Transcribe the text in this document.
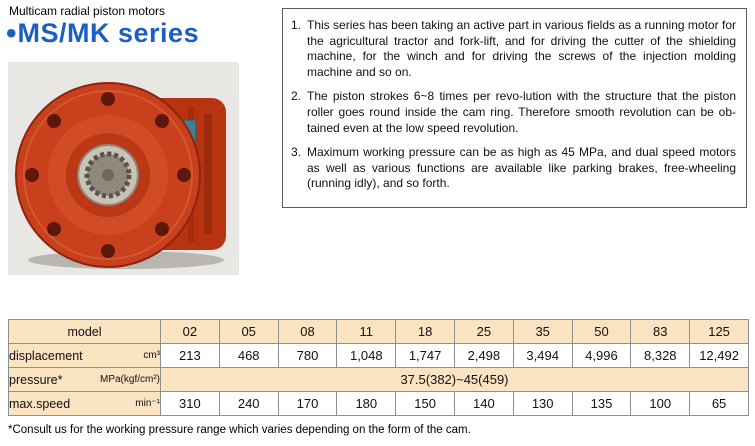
Multicam radial piston motors
• MS/MK series	1. This series has been taking an active part in various fields as a running motor for the agricultural tractor and fork-lift, and for driving the cutter of the shielding machine, for the winch and for driving the screws of the injection molding machine and so on.
2. The piston strokes 6~8 times per revo-lution with the structure that the piston roller goes round inside the cam ring. Therefore smooth revolution can be ob-tained even at the low speed revolution.
3. Maximum working pressure can be as high as 45 MPa, and dual speed motors as well as various functions are available like parking brakes, free-wheeling (running idly), and so forth.
model	02	05	08	11	18	25	35	50	83	125

displacement cm³	213	468	780	1,048	1,747	2,498	3,494	4,996	8,328	12,492

pressure* MPa(kgf/cm²)	37.5(382)~45(459)									

max.speed min⁻¹	310	240	170	180	150	140	130	135	100	65
*Consult us for the working pressure range which varies depending on the form of the cam.
